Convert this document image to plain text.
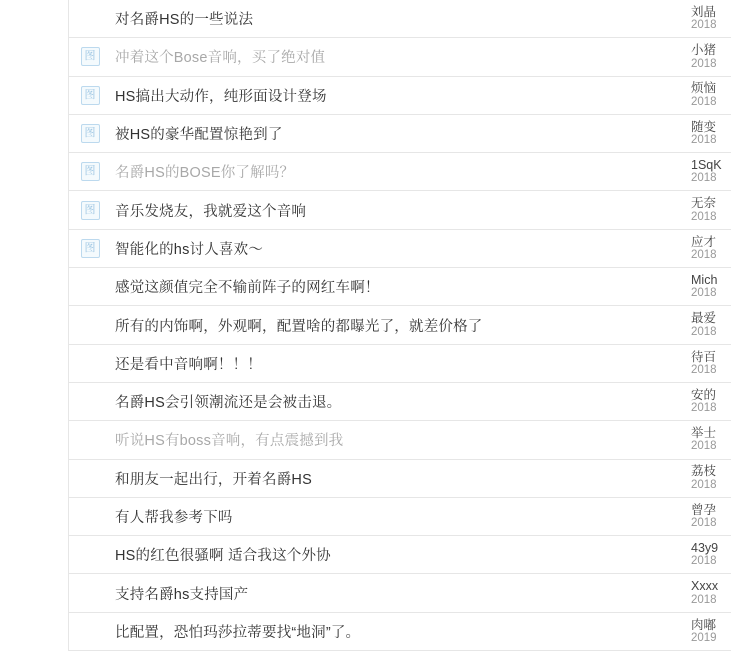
对名爵HS的一些说法
刘晶
2018
图 冲着这个Bose音响，买了绝对值
小猪
2018
图 HS搞出大动作，纯形面设计登场
烦恼
2018
图 被HS的豪华配置惊艳到了
随变
2018
图 名爵HS的BOSE你了解吗？
1SqK
2018
图 音乐发烧友，我就爱这个音响
无奈
2018
图 智能化的hs讨人喜欢～
应才
2018
感觉这颜值完全不输前阵子的网红车啊！
Mich
2018
所有的内饰啊，外观啊，配置啥的都曝光了，就差价格了
最爱
2018
还是看中音响啊！！！
待百
2018
名爵HS会引领潮流还是会被击退。
安的
2018
听说HS有boss音响，有点震撼到我
举士
2018
和朋友一起出行，开着名爵HS
荔枝
2018
有人帮我参考下吗
曾孕
2018
HS的红色很骚啊 适合我这个外协
43y9
2018
支持名爵hs支持国产
Xxxx
2018
比配置，恐怕玛莎拉蒂要找“地洞”了。
肉嘟
2019
